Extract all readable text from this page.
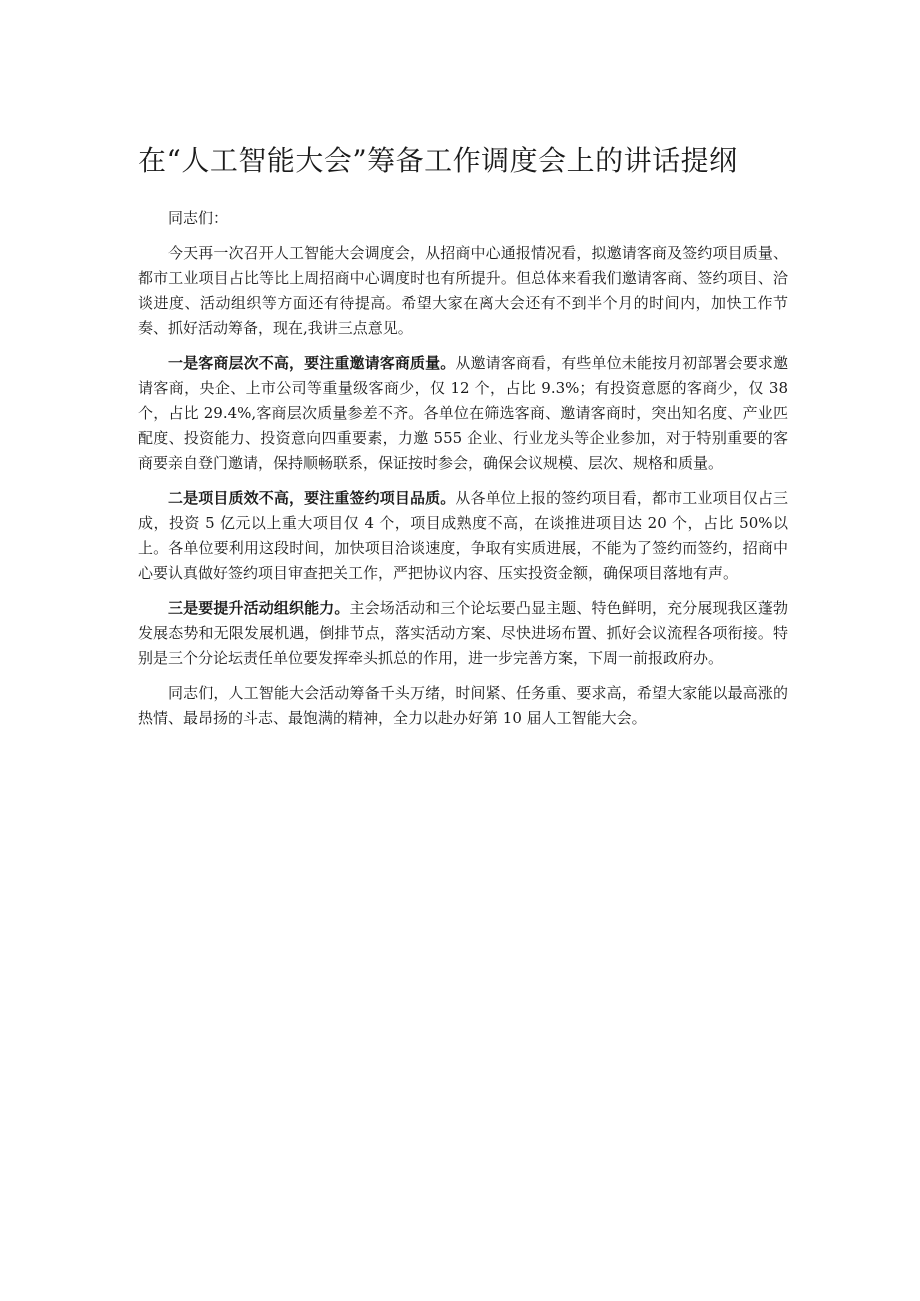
在“人工智能大会”筹备工作调度会上的讲话提纲

同志们：

今天再一次召开人工智能大会调度会，从招商中心通报情况看，拟邀请客商及签约项目质量、都市工业项目占比等比上周招商中心调度时也有所提升。但总体来看我们邀请客商、签约项目、洽谈进度、活动组织等方面还有待提高。希望大家在离大会还有不到半个月的时间内，加快工作节奏、抓好活动筹备，现在,我讲三点意见。

一是客商层次不高，要注重邀请客商质量。从邀请客商看，有些单位未能按月初部署会要求邀请客商，央企、上市公司等重量级客商少，仅 12 个，占比 9.3%；有投资意愿的客商少，仅 38 个，占比 29.4%,客商层次质量参差不齐。各单位在筛选客商、邀请客商时，突出知名度、产业匹配度、投资能力、投资意向四重要素，力邀 555 企业、行业龙头等企业参加，对于特别重要的客商要亲自登门邀请，保持顺畅联系，保证按时参会，确保会议规模、层次、规格和质量。

二是项目质效不高，要注重签约项目品质。从各单位上报的签约项目看，都市工业项目仅占三成，投资 5 亿元以上重大项目仅 4 个，项目成熟度不高，在谈推进项目达 20 个，占比 50%以上。各单位要利用这段时间，加快项目洽谈速度，争取有实质进展，不能为了签约而签约，招商中心要认真做好签约项目审查把关工作，严把协议内容、压实投资金额，确保项目落地有声。

三是要提升活动组织能力。主会场活动和三个论坛要凸显主题、特色鲜明，充分展现我区蓬勃发展态势和无限发展机遇，倒排节点，落实活动方案、尽快进场布置、抓好会议流程各项衔接。特别是三个分论坛责任单位要发挥牵头抓总的作用，进一步完善方案，下周一前报政府办。

同志们，人工智能大会活动筹备千头万绪，时间紧、任务重、要求高，希望大家能以最高涨的热情、最昂扬的斗志、最饱满的精神，全力以赴办好第 10 届人工智能大会。
